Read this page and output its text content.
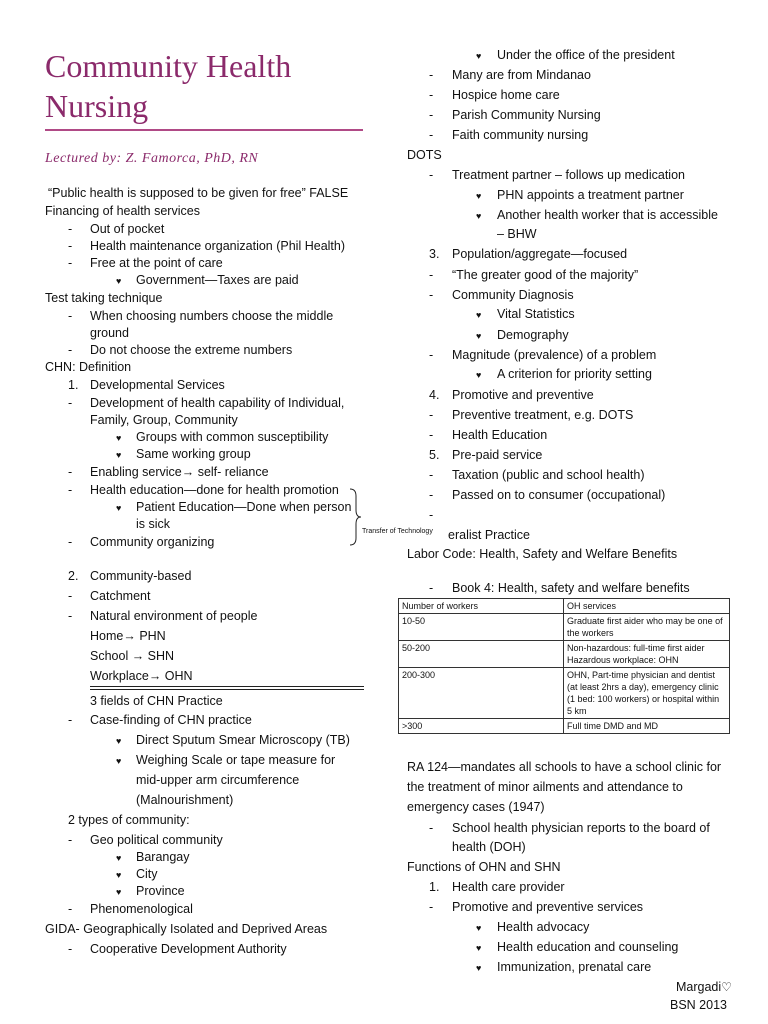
Community Health
Nursing
Lectured by: Z. Famorca, PhD, RN
“Public health is supposed to be given for free” FALSE
Financing of health services
- Out of pocket
- Health maintenance organization (Phil Health)
- Free at the point of care
♥ Government—Taxes are paid
Test taking technique
- When choosing numbers choose the middle
ground
- Do not choose the extreme numbers
CHN: Definition
1. Developmental Services
- Development of health capability of Individual,
Family, Group, Community
♥ Groups with common susceptibility
♥ Same working group
- Enabling service→ self- reliance
- Health education—done for health promotion
♥ Patient Education—Done when person
is sick
- Community organizing
Transfer of Technology
2. Community-based
- Catchment
- Natural environment of people
Home→ PHN
School → SHN
Workplace→ OHN
3 fields of CHN Practice
- Case-finding of CHN practice
♥ Direct Sputum Smear Microscopy (TB)
♥ Weighing Scale or tape measure for
mid-upper arm circumference
(Malnourishment)
2 types of community:
- Geo political community
♥ Barangay
♥ City
♥ Province
- Phenomenological
GIDA- Geographically Isolated and Deprived Areas
- Cooperative Development Authority
♥ Under the office of the president
- Many are from Mindanao
- Hospice home care
- Parish Community Nursing
- Faith community nursing
DOTS
- Treatment partner – follows up medication
♥ PHN appoints a treatment partner
♥ Another health worker that is accessible
– BHW
3. Population/aggregate—focused
- “The greater good of the majority”
- Community Diagnosis
♥ Vital Statistics
♥ Demography
- Magnitude (prevalence) of a problem
♥ A criterion for priority setting
4. Promotive and preventive
- Preventive treatment, e.g. DOTS
- Health Education
5. Pre-paid service
- Taxation (public and school health)
- Passed on to consumer (occupational)
-
eralist Practice
Labor Code: Health, Safety and Welfare Benefits
- Book 4: Health, safety and welfare benefits
Number of workers	OH services
10-50	Graduate first aider who may be one of the workers
50-200	Non-hazardous: full-time first aider
Hazardous workplace: OHN

200-300	OHN, Part-time physician and dentist (at least 2hrs a day), emergency clinic (1 bed: 100 workers) or hospital within 5 km
>300	Full time DMD and MD
RA 124—mandates all schools to have a school clinic for
the treatment of minor ailments and attendance to
emergency cases (1947)
- School health physician reports to the board of
health (DOH)
Functions of OHN and SHN
1. Health care provider
- Promotive and preventive services
♥ Health advocacy
♥ Health education and counseling
♥ Immunization, prenatal care
Margadi♡
BSN 2013
